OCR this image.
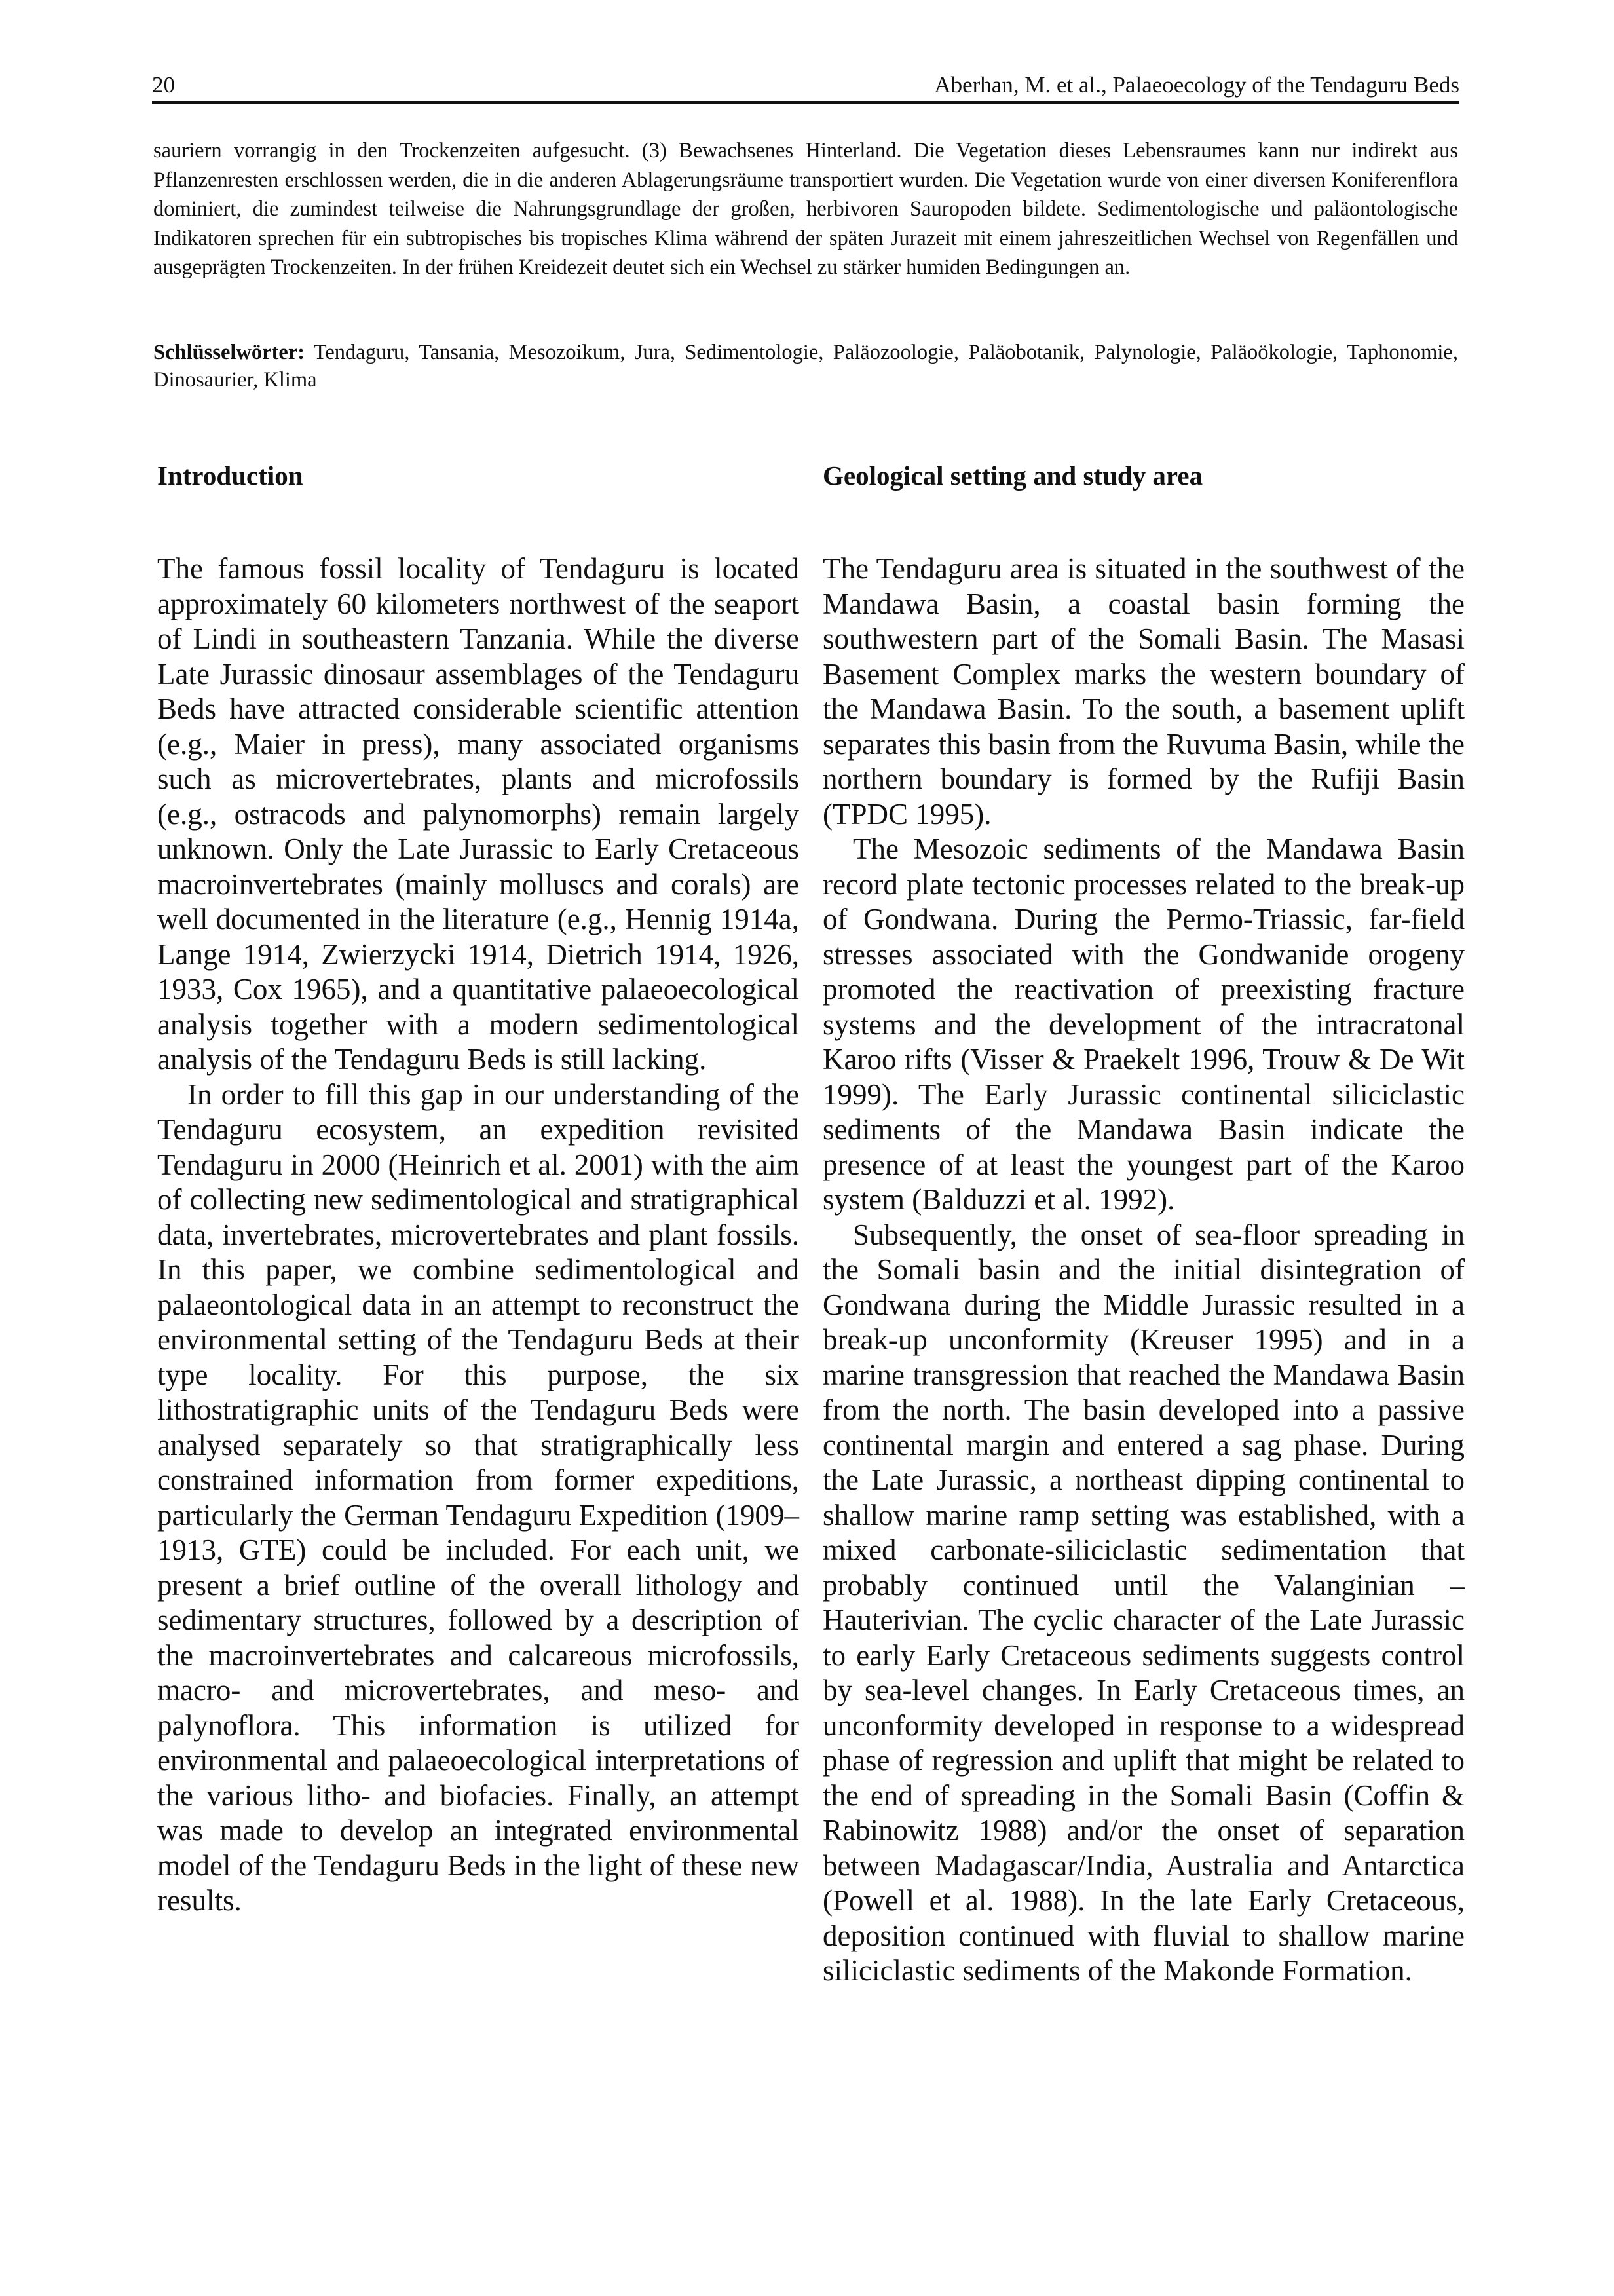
20	Aberhan, M. et al., Palaeoecology of the Tendaguru Beds

sauriern vorrangig in den Trockenzeiten aufgesucht. (3) Bewachsenes Hinterland. Die Vegetation dieses Lebensraumes kann nur indirekt aus Pflanzenresten erschlossen werden, die in die anderen Ablagerungsräume transportiert wurden. Die Vegetation wurde von einer diversen Koniferenflora dominiert, die zumindest teilweise die Nahrungsgrundlage der großen, herbivoren Sauropoden bildete. Sedimentologische und paläontologische Indikatoren sprechen für ein subtropisches bis tropisches Klima während der späten Jurazeit mit einem jahreszeitlichen Wechsel von Regenfällen und ausgeprägten Trockenzeiten. In der frühen Kreidezeit deutet sich ein Wechsel zu stärker humiden Bedingungen an.

Schlüsselwörter: Tendaguru, Tansania, Mesozoikum, Jura, Sedimentologie, Paläozoologie, Paläobotanik, Palynologie, Paläoökologie, Taphonomie, Dinosaurier, Klima
Introduction

The famous fossil locality of Tendaguru is located approximately 60 kilometers northwest of the seaport of Lindi in southeastern Tanzania. While the diverse Late Jurassic dinosaur assemblages of the Tendaguru Beds have attracted considerable scientific attention (e.g., Maier in press), many associated organisms such as microvertebrates, plants and microfossils (e.g., ostracods and palynomorphs) remain largely unknown. Only the Late Jurassic to Early Cretaceous macroinvertebrates (mainly molluscs and corals) are well documented in the literature (e.g., Hennig 1914a, Lange 1914, Zwierzycki 1914, Dietrich 1914, 1926, 1933, Cox 1965), and a quantitative palaeoecological analysis together with a modern sedimentological analysis of the Tendaguru Beds is still lacking.

In order to fill this gap in our understanding of the Tendaguru ecosystem, an expedition revisited Tendaguru in 2000 (Heinrich et al. 2001) with the aim of collecting new sedimentological and stratigraphical data, invertebrates, microvertebrates and plant fossils. In this paper, we combine sedimentological and palaeontological data in an attempt to reconstruct the environmental setting of the Tendaguru Beds at their type locality. For this purpose, the six lithostratigraphic units of the Tendaguru Beds were analysed separately so that stratigraphically less constrained information from former expeditions, particularly the German Tendaguru Expedition (1909–1913, GTE) could be included. For each unit, we present a brief outline of the overall lithology and sedimentary structures, followed by a description of the macroinvertebrates and calcareous microfossils, macro- and microvertebrates, and meso- and palynoflora. This information is utilized for environmental and palaeoecological interpretations of the various litho- and biofacies. Finally, an attempt was made to develop an integrated environmental model of the Tendaguru Beds in the light of these new results.

Geological setting and study area

The Tendaguru area is situated in the southwest of the Mandawa Basin, a coastal basin forming the southwestern part of the Somali Basin. The Masasi Basement Complex marks the western boundary of the Mandawa Basin. To the south, a basement uplift separates this basin from the Ruvuma Basin, while the northern boundary is formed by the Rufiji Basin (TPDC 1995).

The Mesozoic sediments of the Mandawa Basin record plate tectonic processes related to the break-up of Gondwana. During the Permo-Triassic, far-field stresses associated with the Gondwanide orogeny promoted the reactivation of preexisting fracture systems and the development of the intracratonal Karoo rifts (Visser & Praekelt 1996, Trouw & De Wit 1999). The Early Jurassic continental siliciclastic sediments of the Mandawa Basin indicate the presence of at least the youngest part of the Karoo system (Balduzzi et al. 1992).

Subsequently, the onset of sea-floor spreading in the Somali basin and the initial disintegration of Gondwana during the Middle Jurassic resulted in a break-up unconformity (Kreuser 1995) and in a marine transgression that reached the Mandawa Basin from the north. The basin developed into a passive continental margin and entered a sag phase. During the Late Jurassic, a northeast dipping continental to shallow marine ramp setting was established, with a mixed carbonate-siliciclastic sedimentation that probably continued until the Valanginian – Hauterivian. The cyclic character of the Late Jurassic to early Early Cretaceous sediments suggests control by sea-level changes. In Early Cretaceous times, an unconformity developed in response to a widespread phase of regression and uplift that might be related to the end of spreading in the Somali Basin (Coffin & Rabinowitz 1988) and/or the onset of separation between Madagascar/India, Australia and Antarctica (Powell et al. 1988). In the late Early Cretaceous, deposition continued with fluvial to shallow marine siliciclastic sediments of the Makonde Formation.
